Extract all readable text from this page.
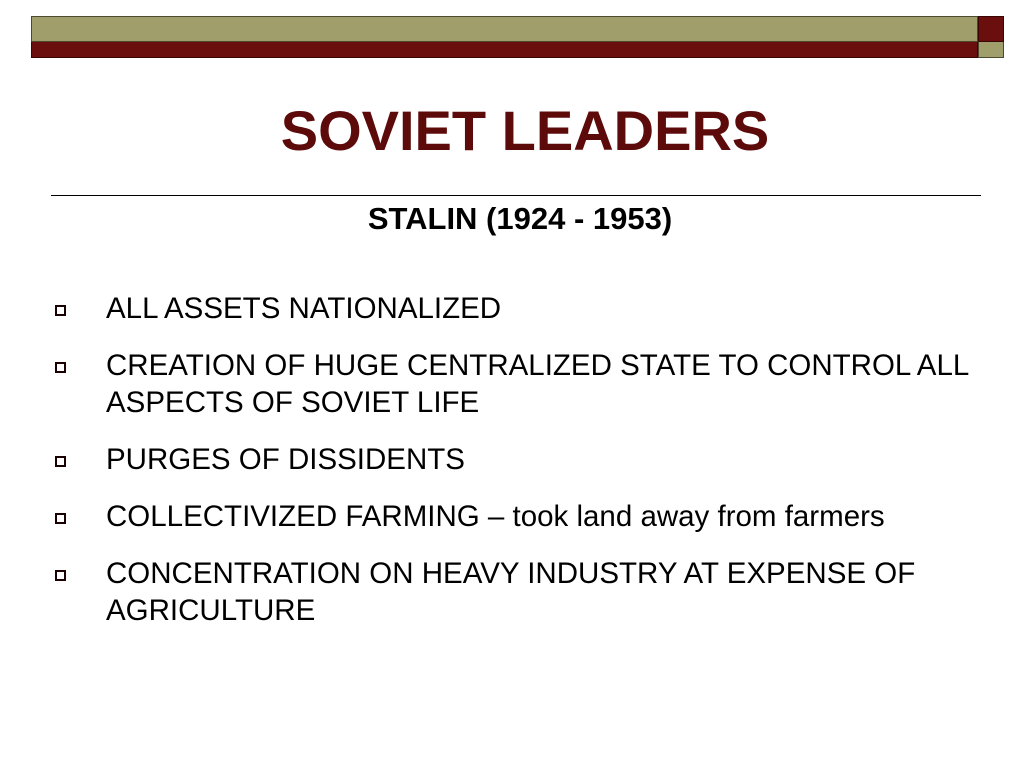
SOVIET LEADERS
STALIN (1924 - 1953)
ALL ASSETS NATIONALIZED
CREATION OF HUGE CENTRALIZED STATE TO CONTROL ALL ASPECTS OF SOVIET LIFE
PURGES OF DISSIDENTS
COLLECTIVIZED FARMING – took land away from farmers
CONCENTRATION ON HEAVY INDUSTRY AT EXPENSE OF AGRICULTURE
